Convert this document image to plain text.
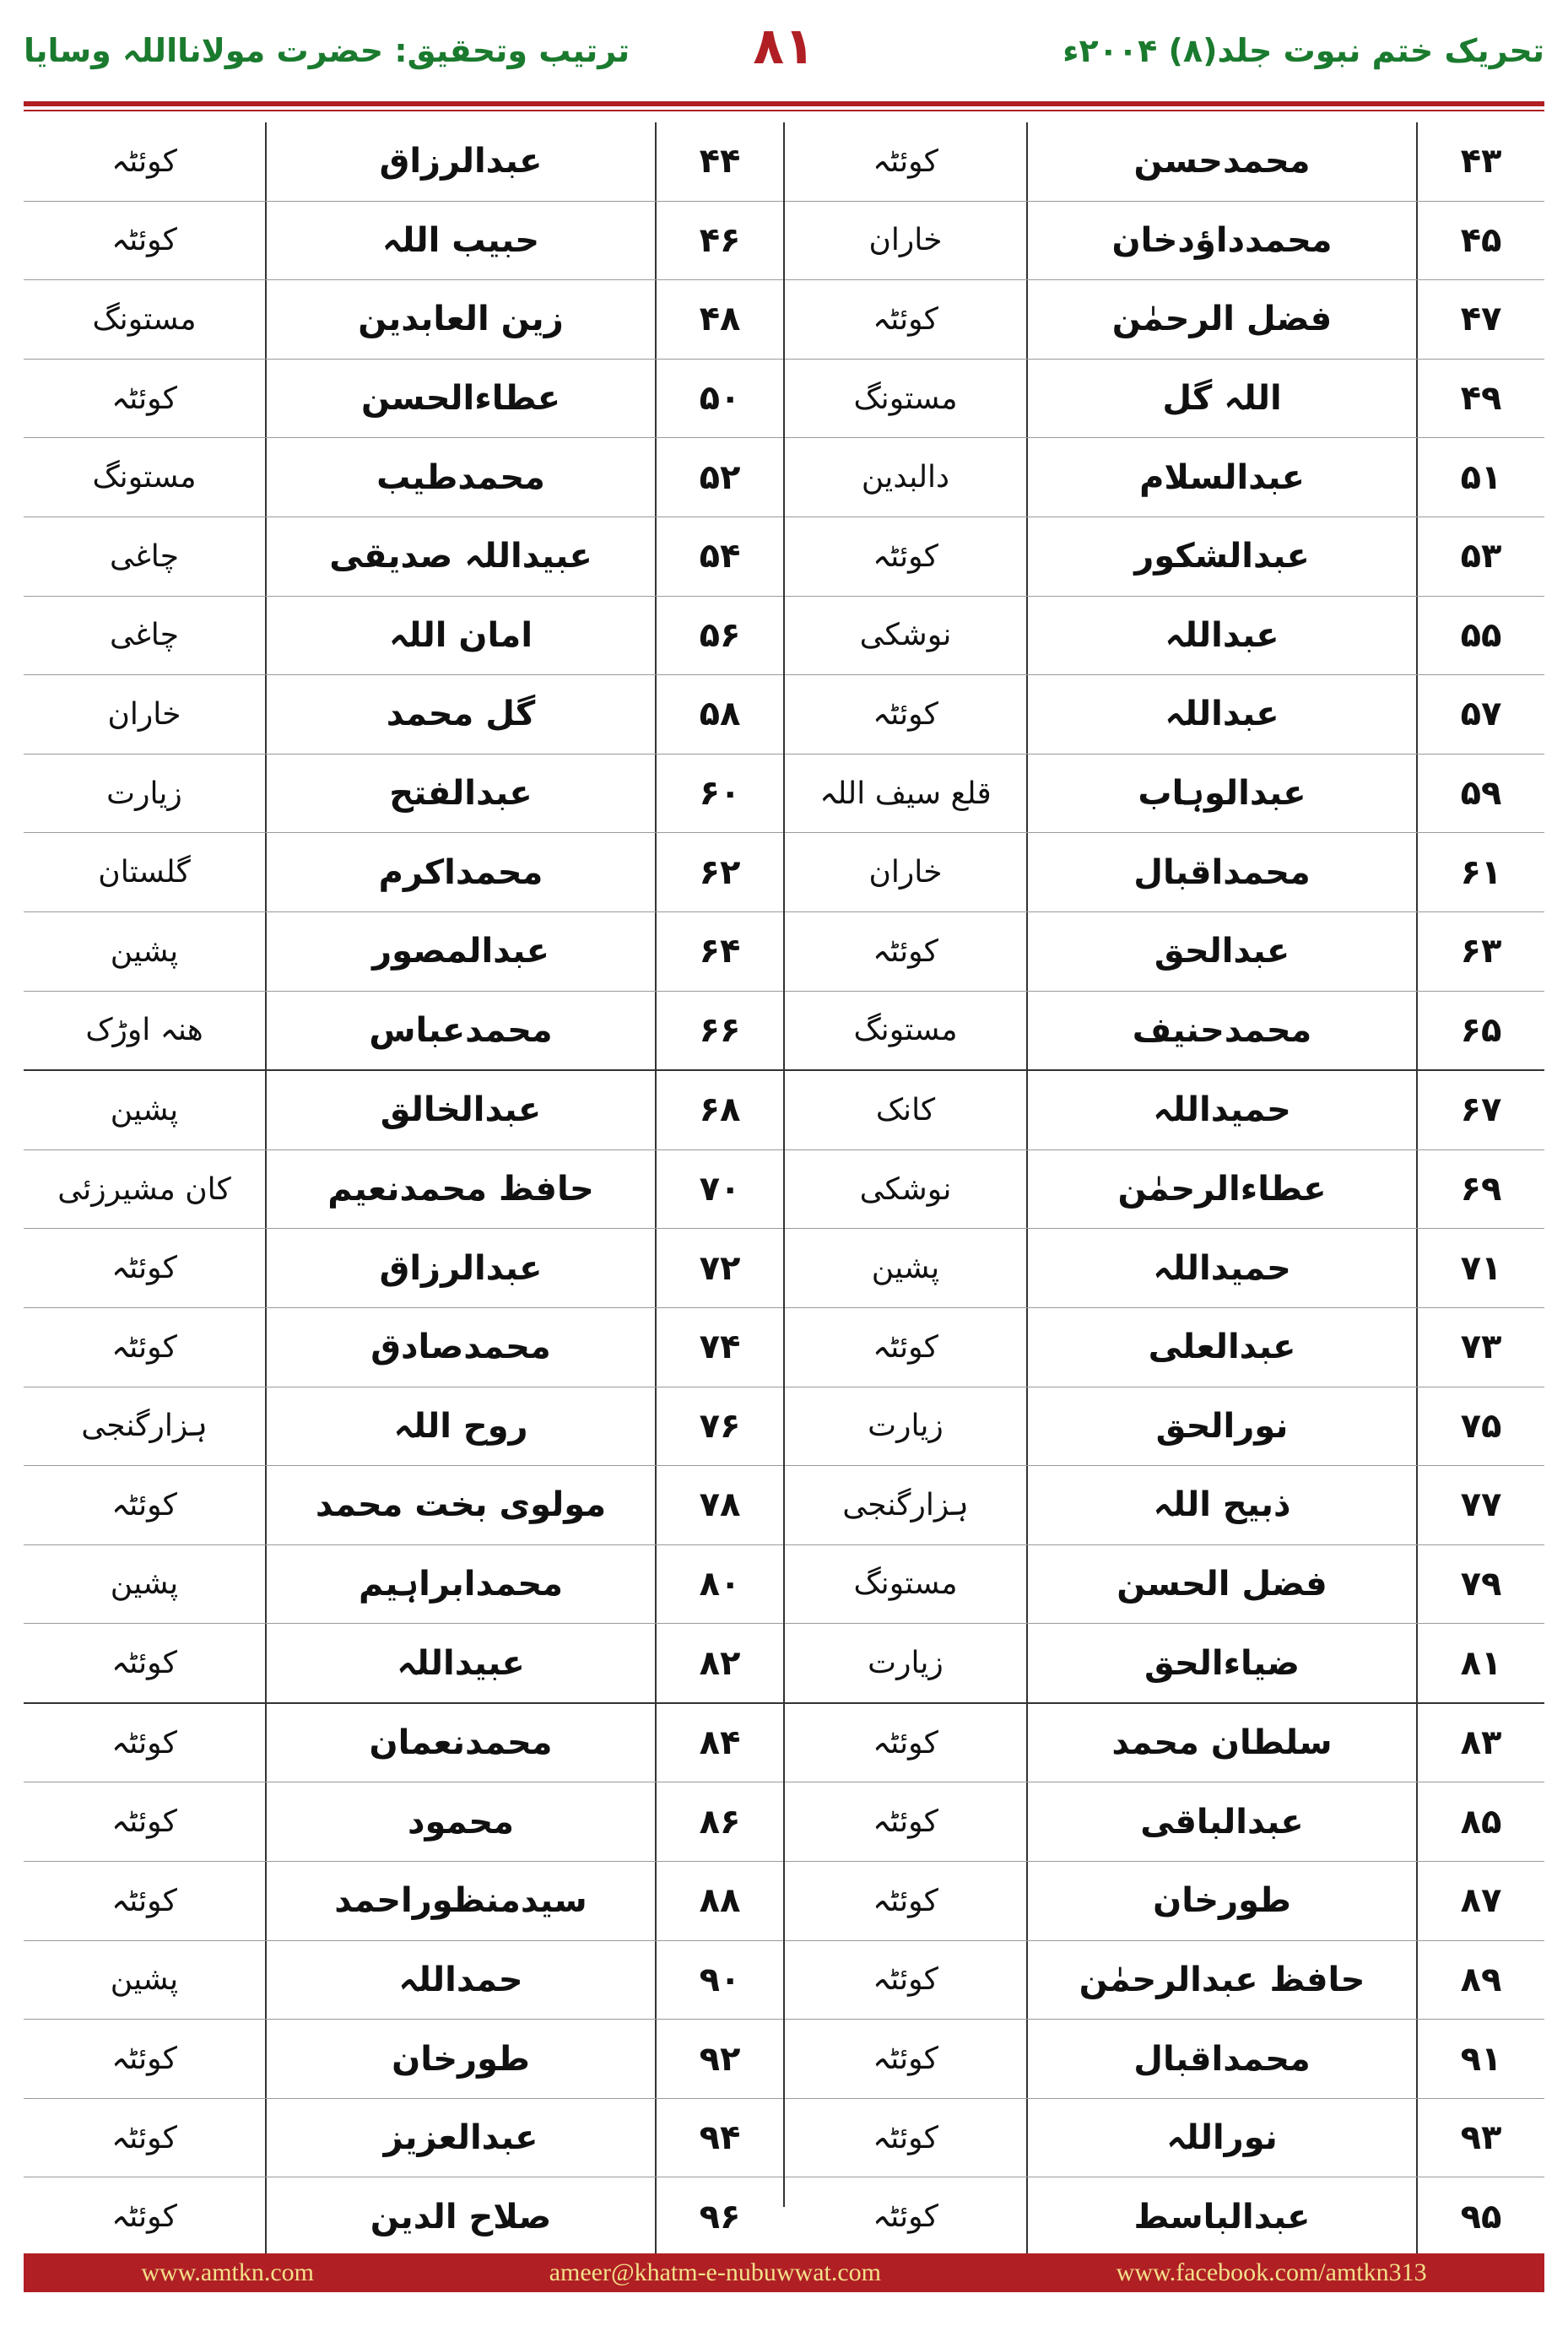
تحریک ختم نبوت جلد(۸) ۲۰۰۴ء
۸۱
ترتیب وتحقیق: حضرت مولانااللہ وسایا
۴۳
محمدحسن
کوئٹہ
۴۵
محمدداؤدخان
خاران
۴۷
فضل الرحمٰن
کوئٹہ
۴۹
اللہ گل
مستونگ
۵۱
عبدالسلام
دالبدین
۵۳
عبدالشکور
کوئٹہ
۵۵
عبداللہ
نوشکی
۵۷
عبداللہ
کوئٹہ
۵۹
عبدالوہاب
قلع سیف اللہ
۶۱
محمداقبال
خاران
۶۳
عبدالحق
کوئٹہ
۶۵
محمدحنیف
مستونگ
۶۷
حمیداللہ
کانک
۶۹
عطاءالرحمٰن
نوشکی
۷۱
حمیداللہ
پشین
۷۳
عبدالعلی
کوئٹہ
۷۵
نورالحق
زیارت
۷۷
ذبیح اللہ
ہزارگنجی
۷۹
فضل الحسن
مستونگ
۸۱
ضیاءالحق
زیارت
۸۳
سلطان محمد
کوئٹہ
۸۵
عبدالباقی
کوئٹہ
۸۷
طورخان
کوئٹہ
۸۹
حافظ عبدالرحمٰن
کوئٹہ
۹۱
محمداقبال
کوئٹہ
۹۳
نوراللہ
کوئٹہ
۹۵
عبدالباسط
کوئٹہ
۴۴
عبدالرزاق
کوئٹہ
۴۶
حبیب اللہ
کوئٹہ
۴۸
زین العابدین
مستونگ
۵۰
عطاءالحسن
کوئٹہ
۵۲
محمدطیب
مستونگ
۵۴
عبیداللہ صدیقی
چاغی
۵۶
امان اللہ
چاغی
۵۸
گل محمد
خاران
۶۰
عبدالفتح
زیارت
۶۲
محمداکرم
گلستان
۶۴
عبدالمصور
پشین
۶۶
محمدعباس
ھنہ اوڑک
۶۸
عبدالخالق
پشین
۷۰
حافظ محمدنعیم
کان مشیرزئی
۷۲
عبدالرزاق
کوئٹہ
۷۴
محمدصادق
کوئٹہ
۷۶
روح اللہ
ہزارگنجی
۷۸
مولوی بخت محمد
کوئٹہ
۸۰
محمدابراہیم
پشین
۸۲
عبیداللہ
کوئٹہ
۸۴
محمدنعمان
کوئٹہ
۸۶
محمود
کوئٹہ
۸۸
سیدمنظوراحمد
کوئٹہ
۹۰
حمداللہ
پشین
۹۲
طورخان
کوئٹہ
۹۴
عبدالعزیز
کوئٹہ
۹۶
صلاح الدین
کوئٹہ
www.amtkn.com	ameer@khatm-e-nubuwwat.com	www.facebook.com/amtkn313
